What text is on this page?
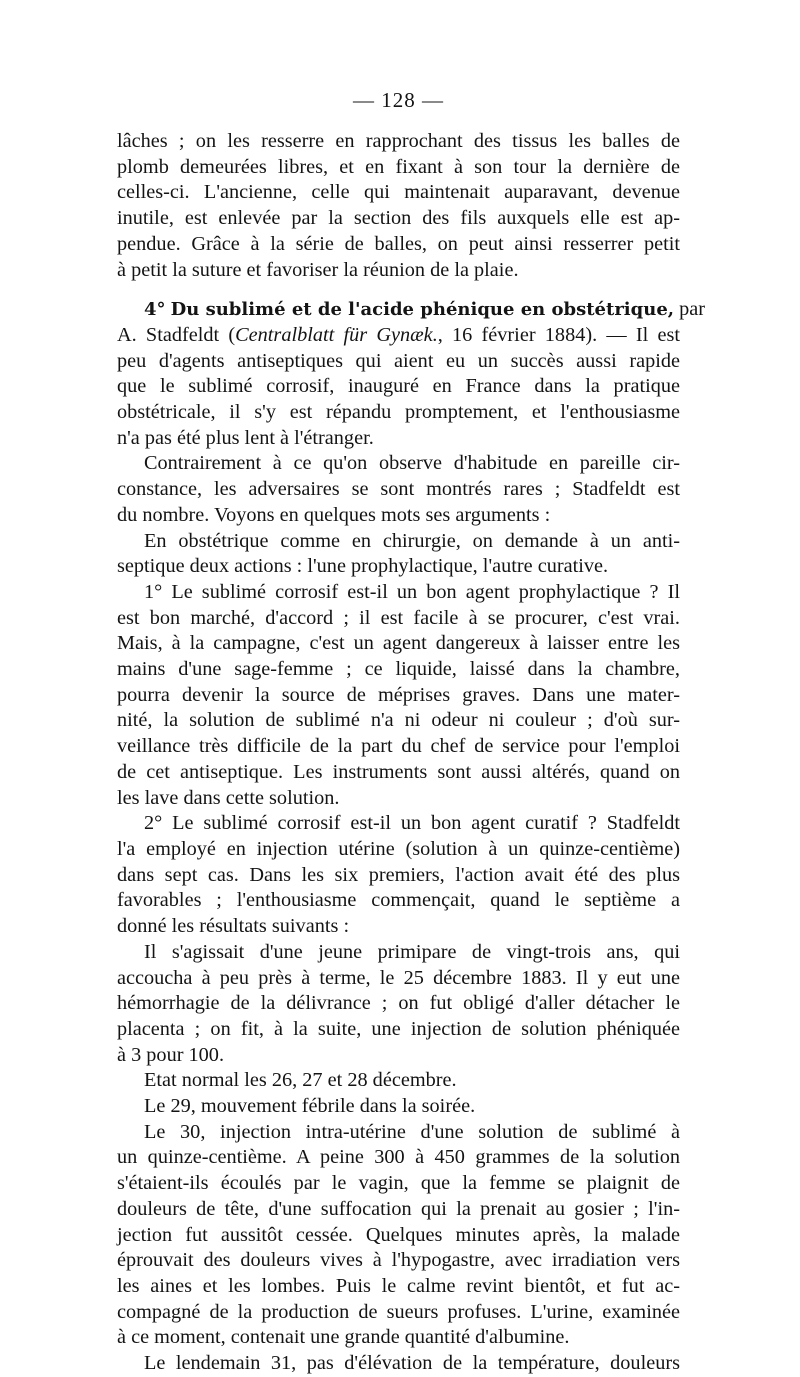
— 128 —
lâches ; on les resserre en rapprochant des tissus les balles de
plomb demeurées libres, et en fixant à son tour la dernière de
celles-ci. L'ancienne, celle qui maintenait auparavant, devenue
inutile, est enlevée par la section des fils auxquels elle est ap-
pendue. Grâce à la série de balles, on peut ainsi resserrer petit
à petit la suture et favoriser la réunion de la plaie.
4° Du sublimé et de l'acide phénique en obstétrique, par
A. Stadfeldt (Centralblatt für Gynæk., 16 février 1884). — Il est
peu d'agents antiseptiques qui aient eu un succès aussi rapide
que le sublimé corrosif, inauguré en France dans la pratique
obstétricale, il s'y est répandu promptement, et l'enthousiasme
n'a pas été plus lent à l'étranger.
Contrairement à ce qu'on observe d'habitude en pareille cir-
constance, les adversaires se sont montrés rares ; Stadfeldt est
du nombre. Voyons en quelques mots ses arguments :
En obstétrique comme en chirurgie, on demande à un anti-
septique deux actions : l'une prophylactique, l'autre curative.
1° Le sublimé corrosif est-il un bon agent prophylactique ? Il
est bon marché, d'accord ; il est facile à se procurer, c'est vrai.
Mais, à la campagne, c'est un agent dangereux à laisser entre les
mains d'une sage-femme ; ce liquide, laissé dans la chambre,
pourra devenir la source de méprises graves. Dans une mater-
nité, la solution de sublimé n'a ni odeur ni couleur ; d'où sur-
veillance très difficile de la part du chef de service pour l'emploi
de cet antiseptique. Les instruments sont aussi altérés, quand on
les lave dans cette solution.
2° Le sublimé corrosif est-il un bon agent curatif ? Stadfeldt
l'a employé en injection utérine (solution à un quinze-centième)
dans sept cas. Dans les six premiers, l'action avait été des plus
favorables ; l'enthousiasme commençait, quand le septième a
donné les résultats suivants :
Il s'agissait d'une jeune primipare de vingt-trois ans, qui
accoucha à peu près à terme, le 25 décembre 1883. Il y eut une
hémorrhagie de la délivrance ; on fut obligé d'aller détacher le
placenta ; on fit, à la suite, une injection de solution phéniquée
à 3 pour 100.
Etat normal les 26, 27 et 28 décembre.
Le 29, mouvement fébrile dans la soirée.
Le 30, injection intra-utérine d'une solution de sublimé à
un quinze-centième. A peine 300 à 450 grammes de la solution
s'étaient-ils écoulés par le vagin, que la femme se plaignit de
douleurs de tête, d'une suffocation qui la prenait au gosier ; l'in-
jection fut aussitôt cessée. Quelques minutes après, la malade
éprouvait des douleurs vives à l'hypogastre, avec irradiation vers
les aines et les lombes. Puis le calme revint bientôt, et fut ac-
compagné de la production de sueurs profuses. L'urine, examinée
à ce moment, contenait une grande quantité d'albumine.
Le lendemain 31, pas d'élévation de la température, douleurs
